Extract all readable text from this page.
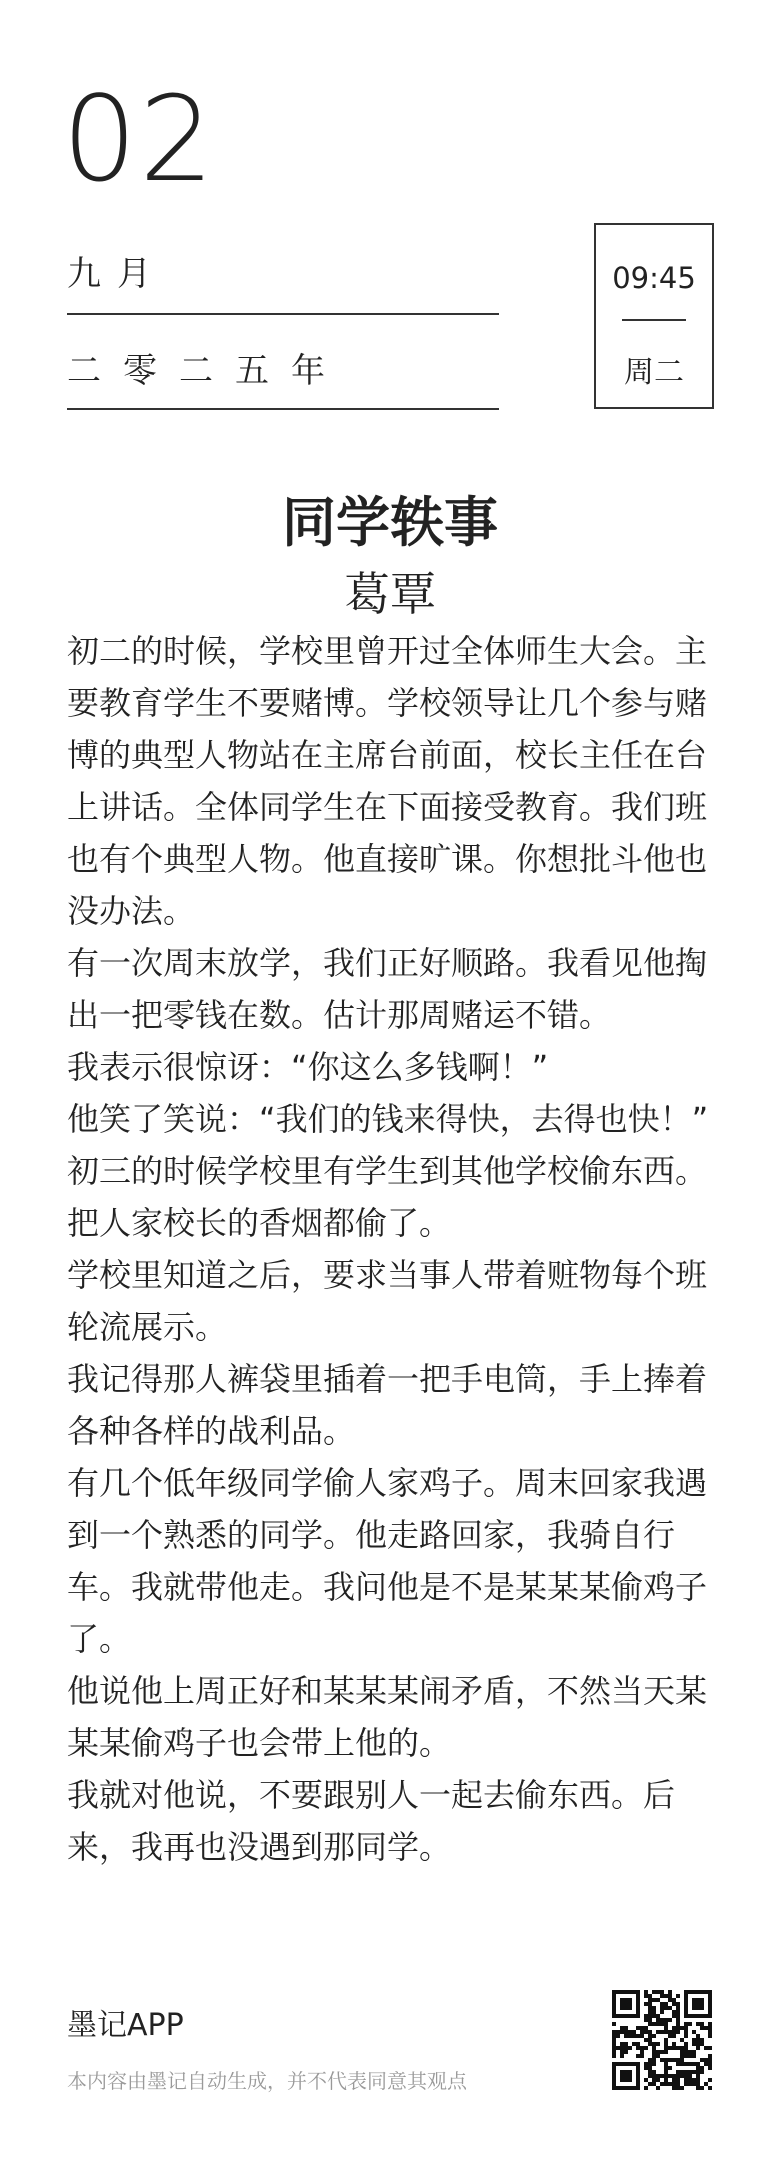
02
九月
二零二五年
09:45
周二
同学轶事
葛覃

初二的时候，学校里曾开过全体师生大会。主要教育学生不要赌博。学校领导让几个参与赌博的典型人物站在主席台前面，校长主任在台上讲话。全体同学生在下面接受教育。我们班也有个典型人物。他直接旷课。你想批斗他也没办法。

有一次周末放学，我们正好顺路。我看见他掏出一把零钱在数。估计那周赌运不错。

我表示很惊讶：“你这么多钱啊！”

他笑了笑说：“我们的钱来得快，去得也快！”

初三的时候学校里有学生到其他学校偷东西。把人家校长的香烟都偷了。

学校里知道之后，要求当事人带着赃物每个班轮流展示。

我记得那人裤袋里插着一把手电筒，手上捧着各种各样的战利品。

有几个低年级同学偷人家鸡子。周末回家我遇到一个熟悉的同学。他走路回家，我骑自行车。我就带他走。我问他是不是某某某偷鸡子了。

他说他上周正好和某某某闹矛盾，不然当天某某某偷鸡子也会带上他的。

我就对他说，不要跟别人一起去偷东西。后来，我再也没遇到那同学。

墨记APP
本内容由墨记自动生成，并不代表同意其观点
